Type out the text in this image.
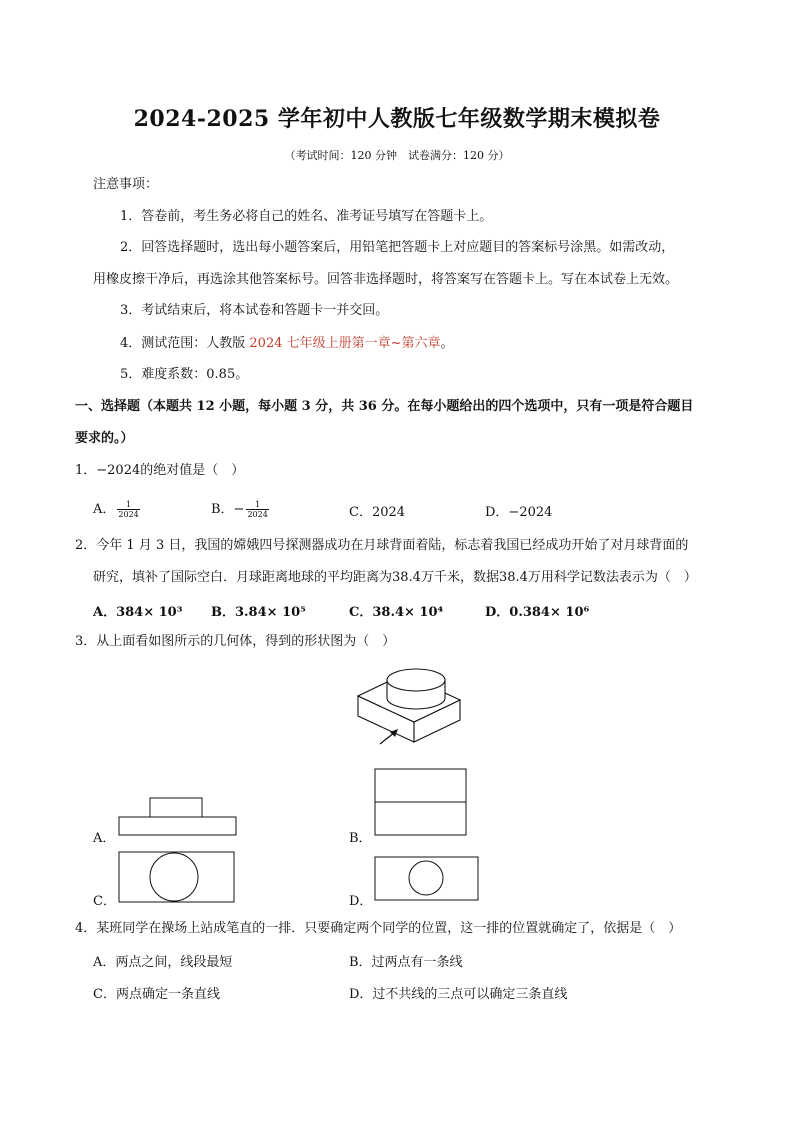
2024-2025 学年初中人教版七年级数学期末模拟卷
（考试时间：120 分钟　试卷满分：120 分）
注意事项：
1．答卷前，考生务必将自己的姓名、准考证号填写在答题卡上。
2．回答选择题时，选出每小题答案后，用铅笔把答题卡上对应题目的答案标号涂黑。如需改动，
用橡皮擦干净后，再选涂其他答案标号。回答非选择题时，将答案写在答题卡上。写在本试卷上无效。
3．考试结束后，将本试卷和答题卡一并交回。
4．测试范围：人教版 2024 七年级上册第一章~第六章。
5．难度系数：0.85。
一、选择题（本题共 12 小题，每小题 3 分，共 36 分。在每小题给出的四个选项中，只有一项是符合题目
要求的。）
1．−2024的绝对值是（　）
A． $\frac{1}{2024}$	B．− $\frac{1}{2024}$	C．2024	D．−2024
2．今年 1 月 3 日，我国的嫦娥四号探测器成功在月球背面着陆，标志着我国已经成功开始了对月球背面的
研究，填补了国际空白．月球距离地球的平均距离为38.4万千米，数据38.4万用科学记数法表示为（　）
A．384× 10³ B．3.84× 10⁵	C．38.4× 10⁴	D．0.384× 10⁶
3．从上面看如图所示的几何体，得到的形状图为（　）
A．	B．
C．	D．
4．某班同学在操场上站成笔直的一排．只要确定两个同学的位置，这一排的位置就确定了，依据是（　）
A．两点之间，线段最短	B．过两点有一条线
C．两点确定一条直线	D．过不共线的三点可以确定三条直线
